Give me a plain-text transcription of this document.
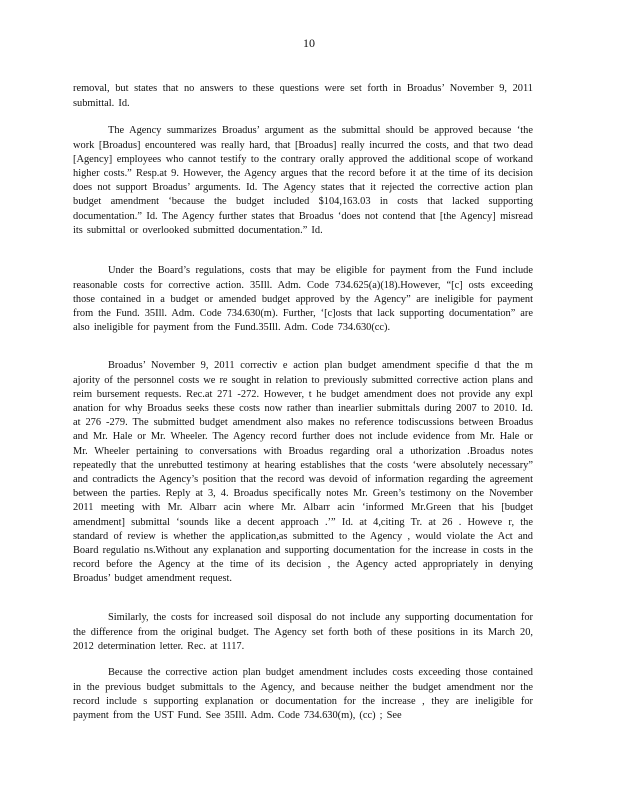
10

removal, but states that no answers to these questions were set forth in Broadus’ November 9, 2011 submittal. Id.

The Agency summarizes Broadus’ argument as the submittal should be approved because ‘the work [Broadus] encountered was really hard, that [Broadus] really incurred the costs, and that two dead [Agency] employees who cannot testify to the contrary orally approved the additional scope of workand higher costs.” Resp.at 9. However, the Agency argues that the record before it at the time of its decision does not support Broadus’ arguments. Id. The Agency states that it rejected the corrective action plan budget amendment ‘because the budget included $104,163.03 in costs that lacked supporting documentation.” Id. The Agency further states that Broadus ‘does not contend that [the Agency] misread its submittal or overlooked submitted documentation.” Id.

Under the Board’s regulations, costs that may be eligible for payment from the Fund include reasonable costs for corrective action. 35Ill. Adm. Code 734.625(a)(18).However, “[c] osts exceeding those contained in a budget or amended budget approved by the Agency” are ineligible for payment from the Fund. 35Ill. Adm. Code 734.630(m). Further, ‘[c]osts that lack supporting documentation” are also ineligible for payment from the Fund.35Ill. Adm. Code 734.630(cc).

Broadus’ November 9, 2011 correctiv e action plan budget amendment specifie d that the m ajority of the personnel costs we re sought in relation to previously submitted corrective action plans and reim bursement requests. Rec.at 271 -272. However, t he budget amendment does not provide any expl anation for why Broadus seeks these costs now rather than inearlier submittals during 2007 to 2010. Id. at 276 -279. The submitted budget amendment also makes no reference todiscussions between Broadus and Mr. Hale or Mr. Wheeler. The Agency record further does not include evidence from Mr. Hale or Mr. Wheeler pertaining to conversations with Broadus regarding oral a uthorization .Broadus notes repeatedly that the unrebutted testimony at hearing establishes that the costs ‘were absolutely necessary” and contradicts the Agency’s position that the record was devoid of information regarding the agreement between the parties. Reply at 3, 4. Broadus specifically notes Mr. Green’s testimony on the November 2011 meeting with Mr. Albarr acin where Mr. Albarr acin ‘informed Mr.Green that his [budget amendment] submittal ‘sounds like a decent approach .’” Id. at 4,citing Tr. at 26 . Howeve r, the standard of review is whether the application,as submitted to the Agency , would violate the Act and Board regulatio ns.Without any explanation and supporting documentation for the increase in costs in the record before the Agency at the time of its decision , the Agency acted appropriately in denying Broadus’ budget amendment request.

Similarly, the costs for increased soil disposal do not include any supporting documentation for the difference from the original budget. The Agency set forth both of these positions in its March 20, 2012 determination letter. Rec. at 1117.

Because the corrective action plan budget amendment includes costs exceeding those contained in the previous budget submittals to the Agency, and because neither the budget amendment nor the record include s supporting explanation or documentation for the increase , they are ineligible for payment from the UST Fund. See 35Ill. Adm. Code 734.630(m), (cc) ; See
